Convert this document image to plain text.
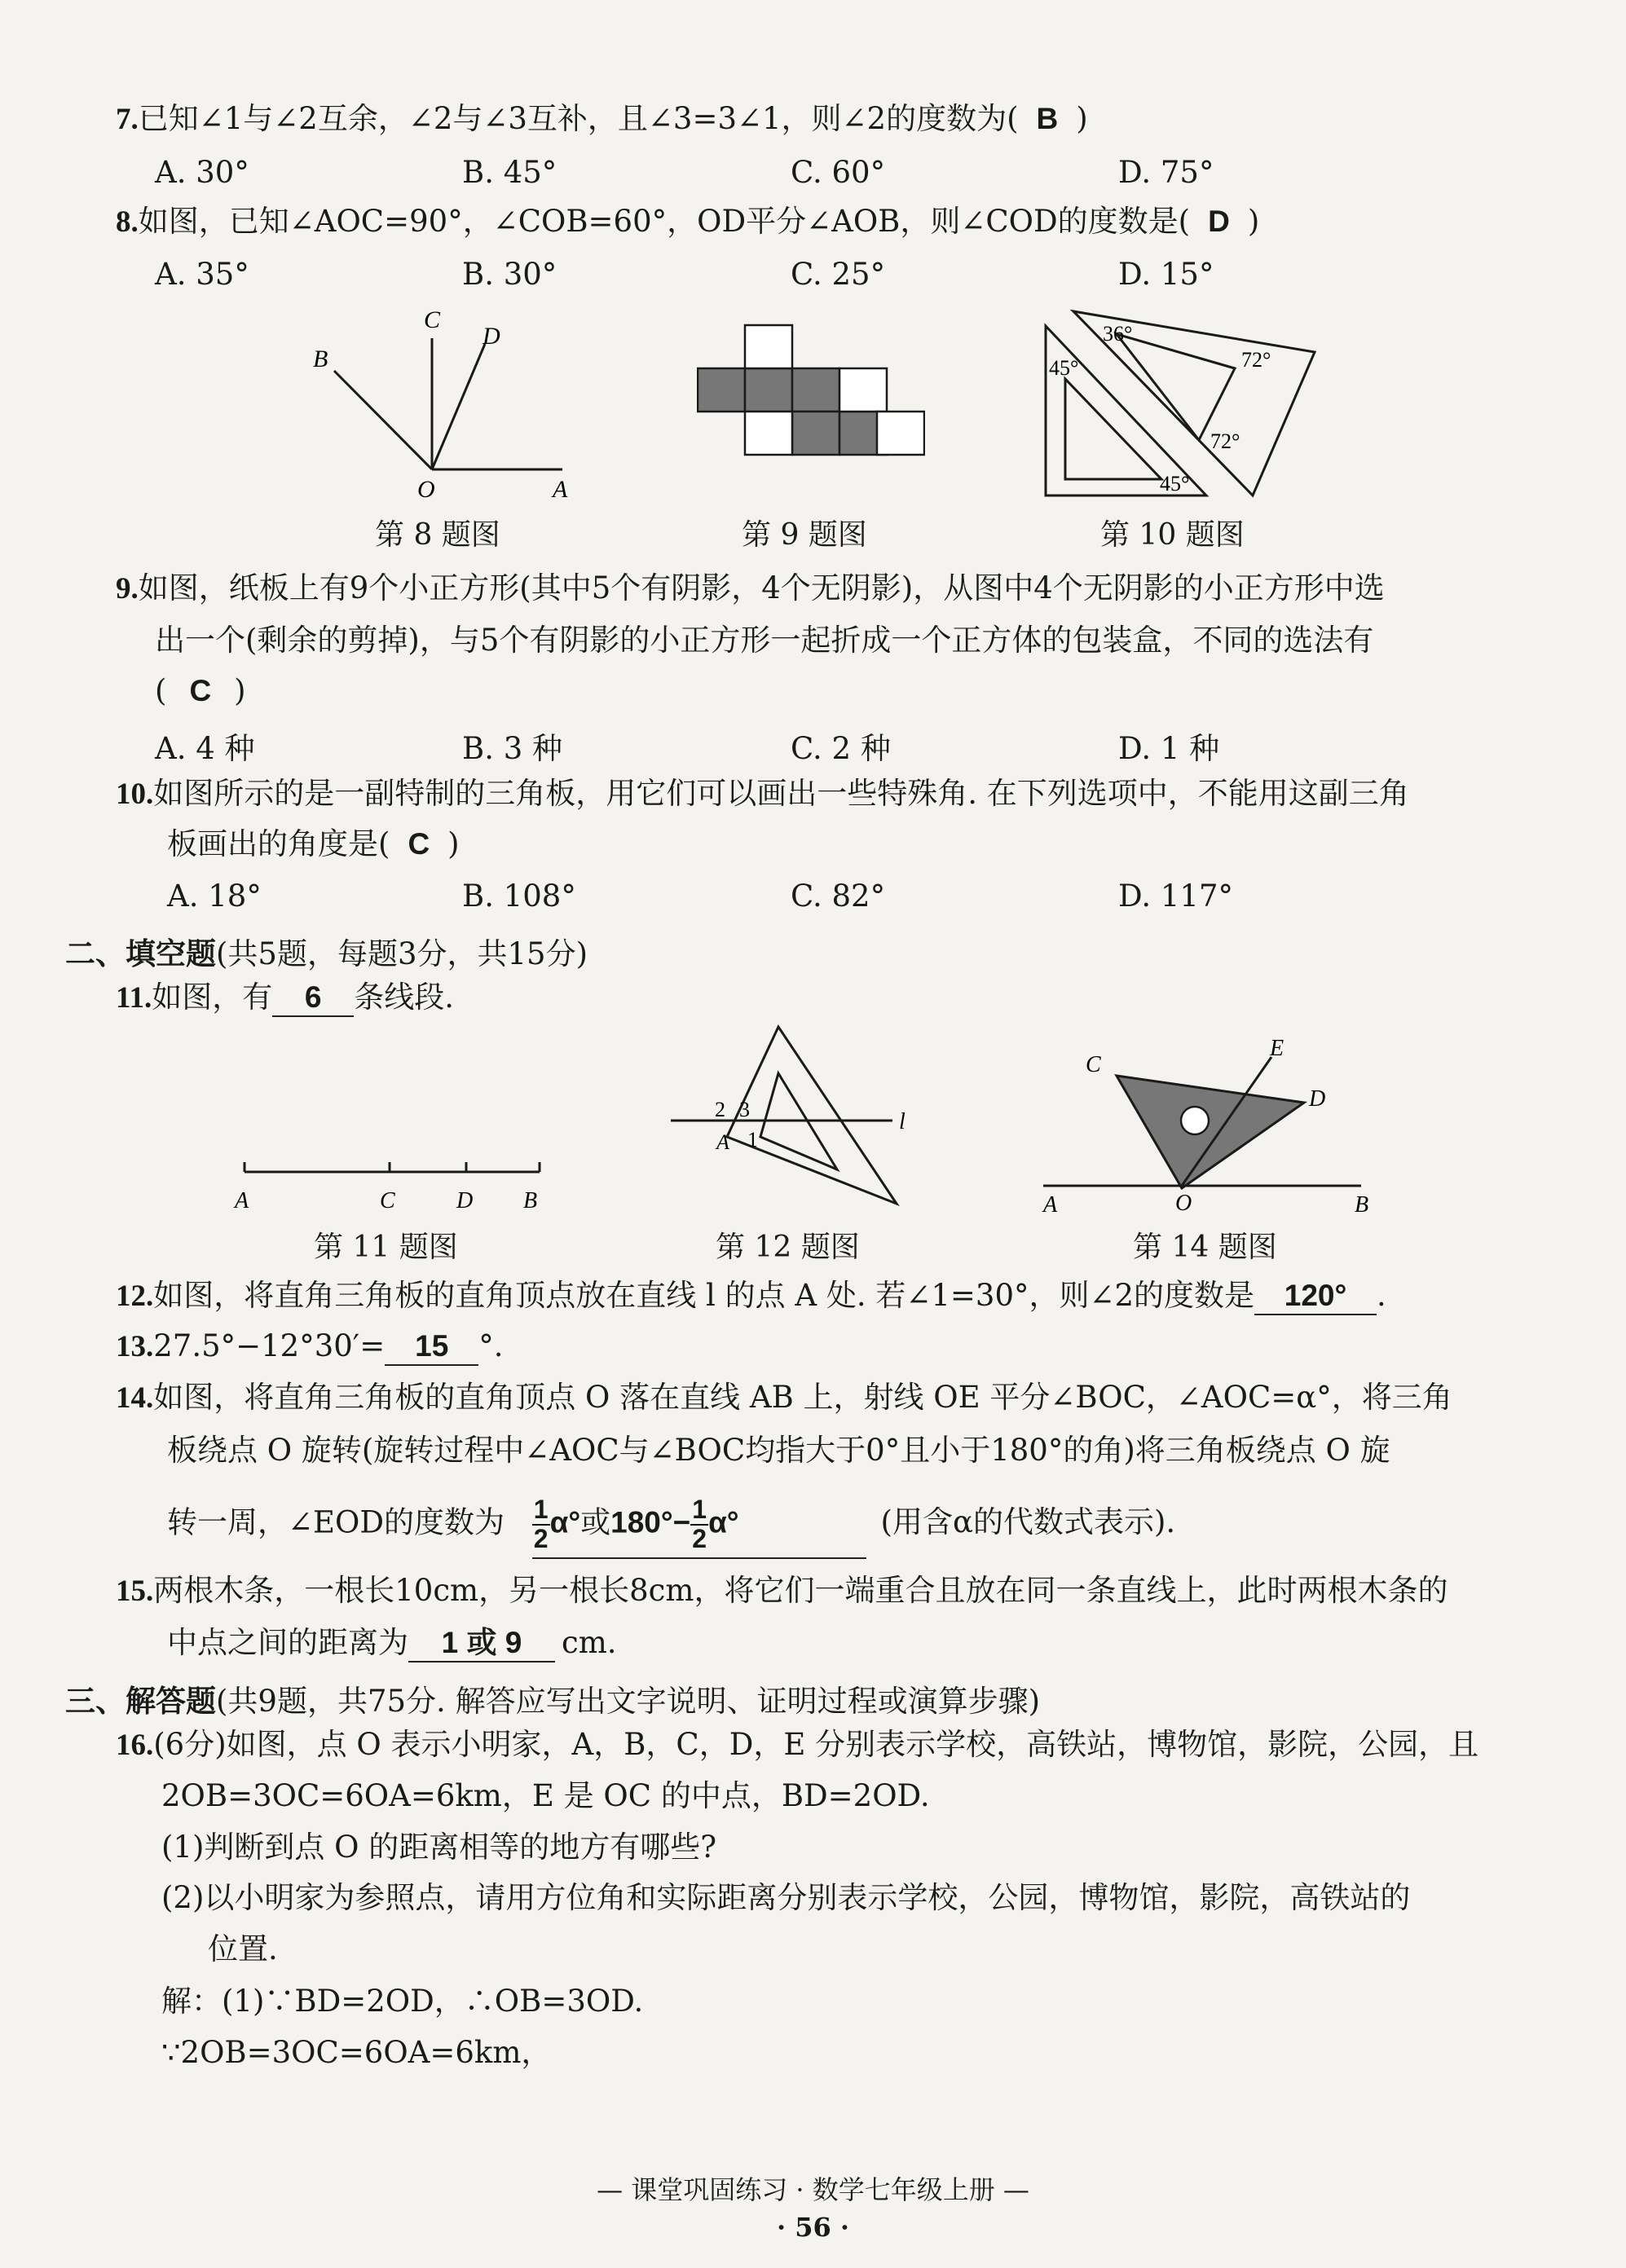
7.已知∠1与∠2互余，∠2与∠3互补，且∠3=3∠1，则∠2的度数为( B )
A. 30°	B. 45°	C. 60°	D. 75°
8.如图，已知∠AOC=90°，∠COB=60°，OD平分∠AOB，则∠COD的度数是( D )
A. 35°	B. 30°	C. 25°	D. 15°
B
C
D
O	A
第 8 题图	第 9 题图
36°
45°	72°
72°
45°
第 10 题图
9.如图，纸板上有9个小正方形(其中5个有阴影，4个无阴影)，从图中4个无阴影的小正方形中选
出一个(剩余的剪掉)，与5个有阴影的小正方形一起折成一个正方体的包装盒，不同的选法有
( C )
A. 4 种	B. 3 种	C. 2 种	D. 1 种
10.如图所示的是一副特制的三角板，用它们可以画出一些特殊角. 在下列选项中，不能用这副三角
板画出的角度是( C )
A. 18°	B. 108°	C. 82°	D. 117°
二、填空题(共5题，每题3分，共15分)
11.如图，有 6 条线段.
A	C	D B
第 11 题图
2 3
A 1
l
第 12 题图
C
E
D
A	O	B
第 14 题图
12.如图，将直角三角板的直角顶点放在直线 l 的点 A 处. 若∠1=30°，则∠2的度数是 120° .
13.27.5°−12°30′= 15 °.
14.如图，将直角三角板的直角顶点 O 落在直线 AB 上，射线 OE 平分∠BOC，∠AOC=α°，将三角
板绕点 O 旋转(旋转过程中∠AOC与∠BOC均指大于0°且小于180°的角)将三角板绕点 O 旋
转一周，∠EOD的度数为 $\frac{1}{2} \alpha^\circ$或$180^\circ- \frac{1}{2} \alpha^\circ$	(用含α的代数式表示).
15.两根木条，一根长10cm，另一根长8cm，将它们一端重合且放在同一条直线上，此时两根木条的
中点之间的距离为 1 或 9 cm.
三、解答题(共9题，共75分. 解答应写出文字说明、证明过程或演算步骤)
16.(6分)如图，点 O 表示小明家，A，B，C，D，E 分别表示学校，高铁站，博物馆，影院，公园，且
2OB=3OC=6OA=6km，E 是 OC 的中点，BD=2OD.
(1)判断到点 O 的距离相等的地方有哪些?
(2)以小明家为参照点，请用方位角和实际距离分别表示学校，公园，博物馆，影院，高铁站的
位置.
解：(1)∵BD=2OD，∴OB=3OD.
∵2OB=3OC=6OA=6km，
— 课堂巩固练习 · 数学七年级上册 —
· 56 ·
